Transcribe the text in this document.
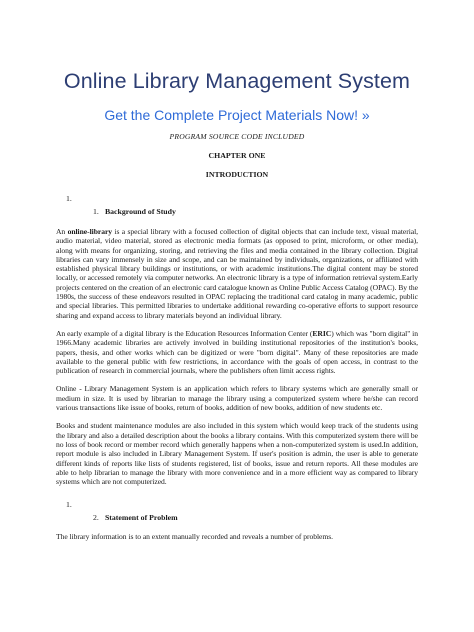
Online Library Management System
Get the Complete Project Materials Now! »
PROGRAM SOURCE CODE INCLUDED
CHAPTER ONE
INTRODUCTION
1.
1. Background of Study

An online-library is a special library with a focused collection of digital objects that can include text, visual material, audio material, video material, stored as electronic media formats (as opposed to print, microform, or other media), along with means for organizing, storing, and retrieving the files and media contained in the library collection. Digital libraries can vary immensely in size and scope, and can be maintained by individuals, organizations, or affiliated with established physical library buildings or institutions, or with academic institutions.The digital content may be stored locally, or accessed remotely via computer networks. An electronic library is a type of information retrieval system.Early projects centered on the creation of an electronic card catalogue known as Online Public Access Catalog (OPAC). By the 1980s, the success of these endeavors resulted in OPAC replacing the traditional card catalog in many academic, public and special libraries. This permitted libraries to undertake additional rewarding co-operative efforts to support resource sharing and expand access to library materials beyond an individual library.

An early example of a digital library is the Education Resources Information Center (ERIC) which was "born digital" in 1966.Many academic libraries are actively involved in building institutional repositories of the institution's books, papers, thesis, and other works which can be digitized or were "born digital". Many of these repositories are made available to the general public with few restrictions, in accordance with the goals of open access, in contrast to the publication of research in commercial journals, where the publishers often limit access rights.

Online - Library Management System is an application which refers to library systems which are generally small or medium in size. It is used by librarian to manage the library using a computerized system where he/she can record various transactions like issue of books, return of books, addition of new books, addition of new students etc.

Books and student maintenance modules are also included in this system which would keep track of the students using the library and also a detailed description about the books a library contains. With this computerized system there will be no loss of book record or member record which generally happens when a non-computerized system is used.In addition, report module is also included in Library Management System. If user's position is admin, the user is able to generate different kinds of reports like lists of students registered, list of books, issue and return reports. All these modules are able to help librarian to manage the library with more convenience and in a more efficient way as compared to library systems which are not computerized.

1.
2. Statement of Problem

The library information is to an extent manually recorded and reveals a number of problems.
